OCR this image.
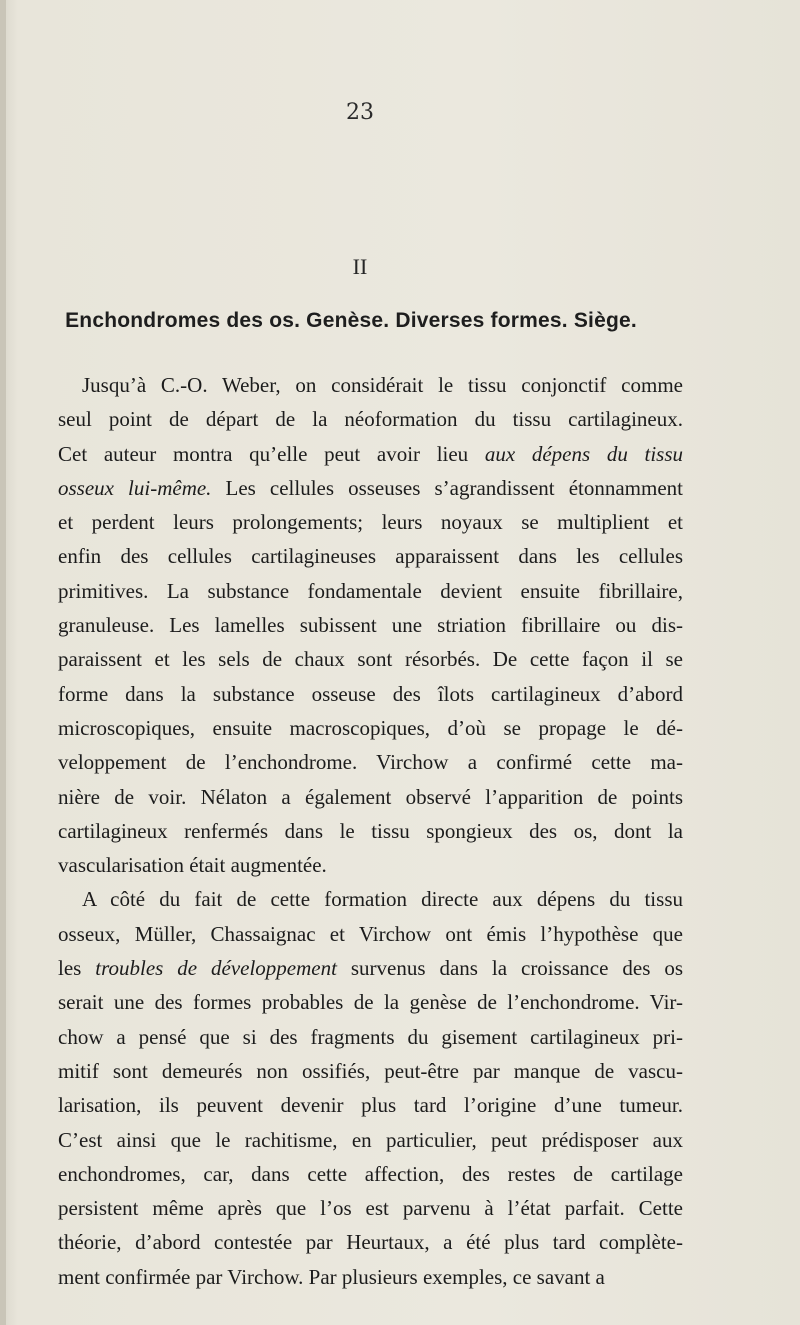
23
II
Enchondromes des os. Genèse. Diverses formes. Siège.
Jusqu’à C.-O. Weber, on considérait le tissu conjonctif comme
seul point de départ de la néoformation du tissu cartilagineux.
Cet auteur montra qu’elle peut avoir lieu aux dépens du tissu
osseux lui-même. Les cellules osseuses s’agrandissent étonnamment
et perdent leurs prolongements; leurs noyaux se multiplient et
enfin des cellules cartilagineuses apparaissent dans les cellules
primitives. La substance fondamentale devient ensuite fibrillaire,
granuleuse. Les lamelles subissent une striation fibrillaire ou dis-
paraissent et les sels de chaux sont résorbés. De cette façon il se
forme dans la substance osseuse des îlots cartilagineux d’abord
microscopiques, ensuite macroscopiques, d’où se propage le dé-
veloppement de l’enchondrome. Virchow a confirmé cette ma-
nière de voir. Nélaton a également observé l’apparition de points
cartilagineux renfermés dans le tissu spongieux des os, dont la
vascularisation était augmentée.
A côté du fait de cette formation directe aux dépens du tissu
osseux, Müller, Chassaignac et Virchow ont émis l’hypothèse que
les troubles de développement survenus dans la croissance des os
serait une des formes probables de la genèse de l’enchondrome. Vir-
chow a pensé que si des fragments du gisement cartilagineux pri-
mitif sont demeurés non ossifiés, peut-être par manque de vascu-
larisation, ils peuvent devenir plus tard l’origine d’une tumeur.
C’est ainsi que le rachitisme, en particulier, peut prédisposer aux
enchondromes, car, dans cette affection, des restes de cartilage
persistent même après que l’os est parvenu à l’état parfait. Cette
théorie, d’abord contestée par Heurtaux, a été plus tard complète-
ment confirmée par Virchow. Par plusieurs exemples, ce savant a
